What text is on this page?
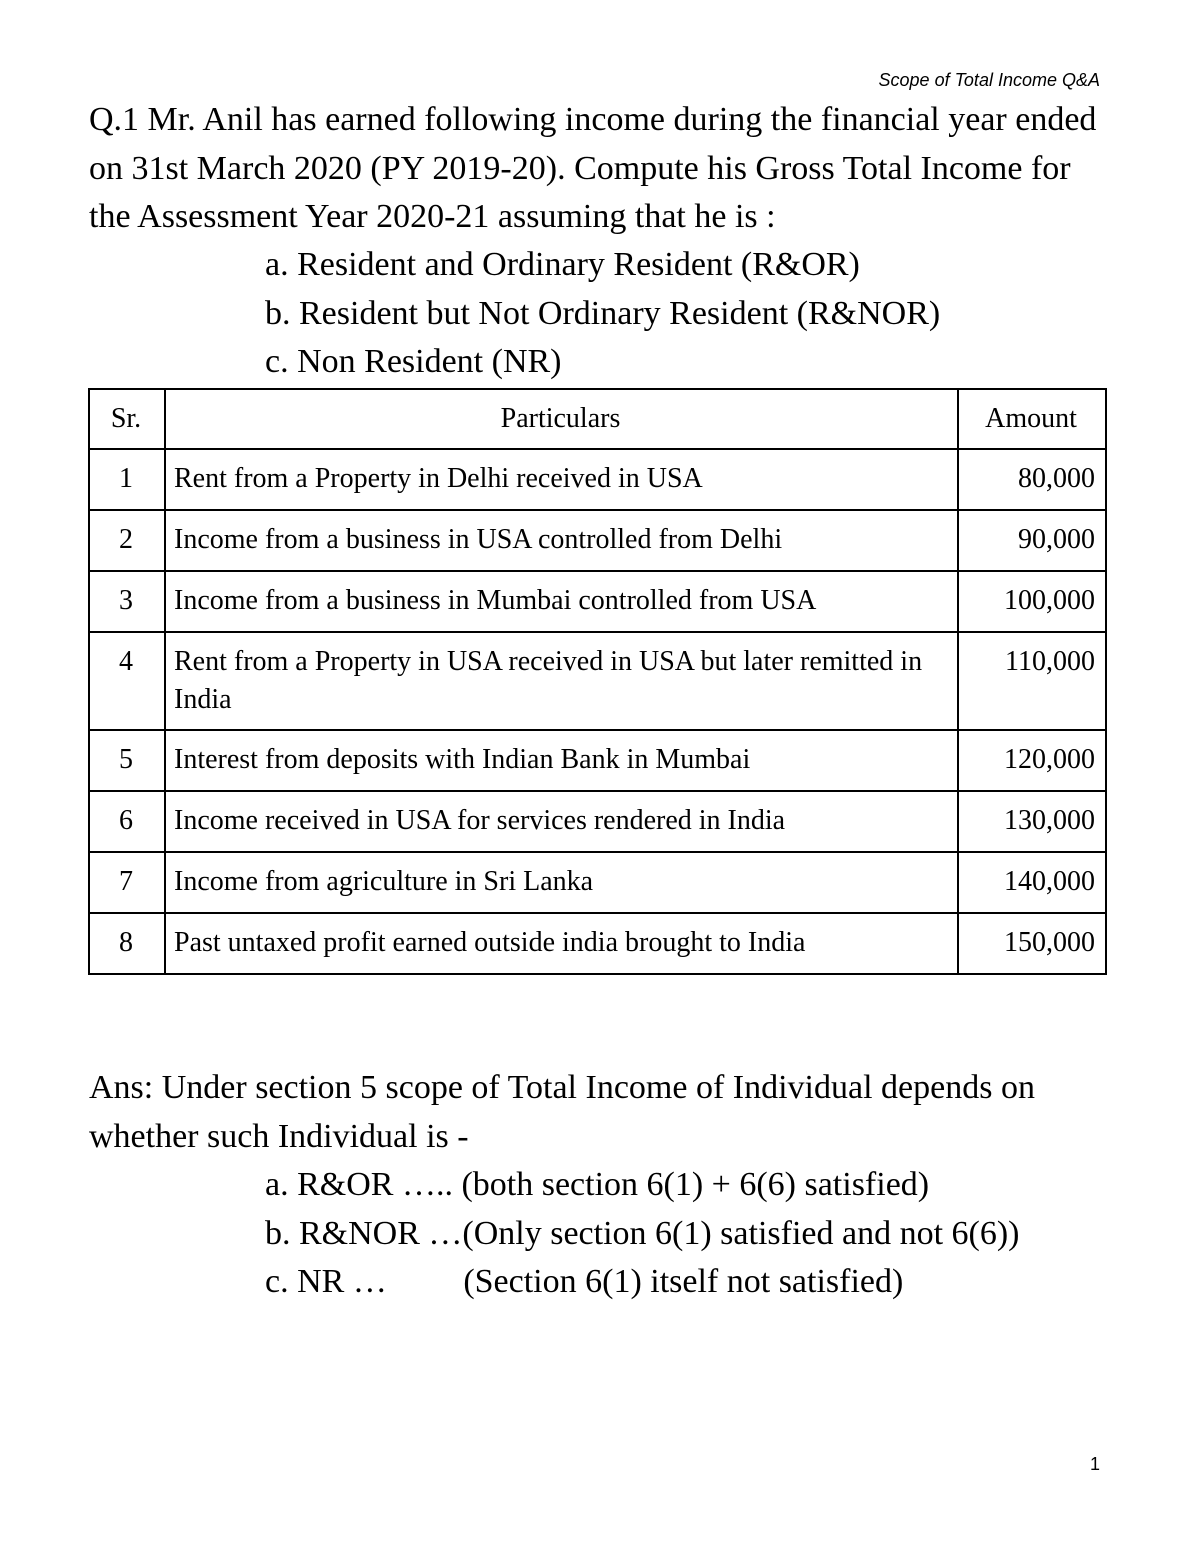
Scope of Total Income Q&A

Q.1 Mr. Anil has earned following income during the financial year ended on 31st March 2020 (PY 2019-20). Compute his Gross Total Income for the Assessment Year 2020-21 assuming that he is :

a. Resident and Ordinary Resident (R&OR)
b. Resident but Not Ordinary Resident (R&NOR)
c. Non Resident (NR)
Sr.	Particulars	Amount
1	Rent from a Property in Delhi received in USA	80,000
2	Income from a business in USA controlled from Delhi	90,000
3	Income from a business in Mumbai controlled from USA	100,000
4	Rent from a Property in USA received in USA but later remitted in India	110,000
5	Interest from deposits with Indian Bank in Mumbai	120,000
6	Income received in USA for services rendered in India	130,000
7	Income from agriculture in Sri Lanka	140,000
8	Past untaxed profit earned outside india brought to India	150,000

Ans: Under section 5 scope of Total Income of Individual depends on whether such Individual is -

a. R&OR ….. (both section 6(1) + 6(6) satisfied)
b. R&NOR …(Only section 6(1) satisfied and not 6(6))
c. NR …         (Section 6(1) itself not satisfied)
1
